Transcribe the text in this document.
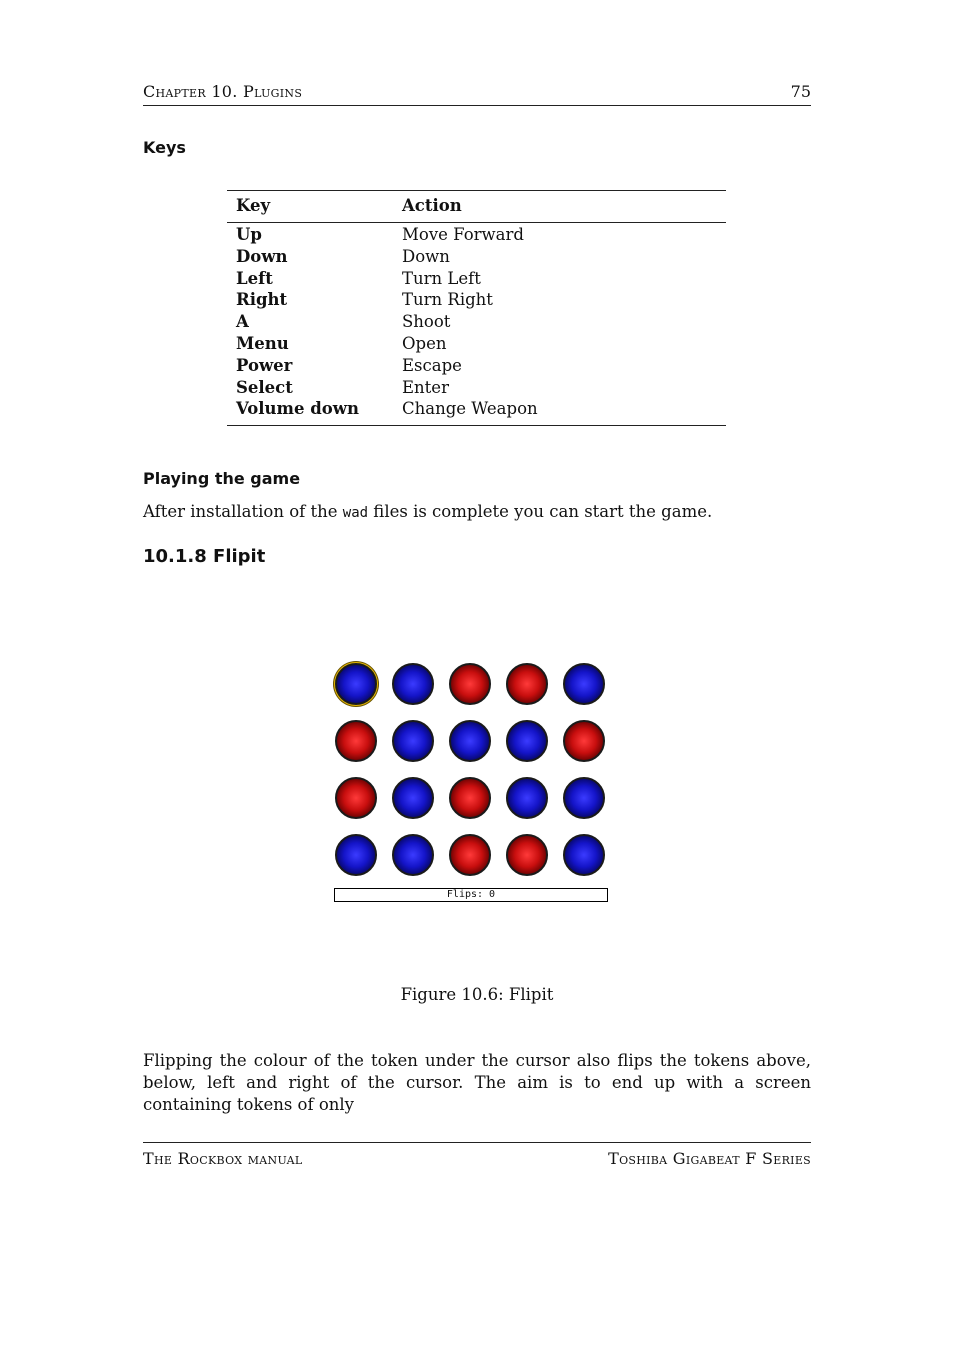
Chapter 10. Plugins	75
Keys
Key	Action
Up	Move Forward
Down	Down
Left	Turn Left
Right	Turn Right
A	Shoot
Menu	Open
Power	Escape
Select	Enter
Volume down	Change Weapon
Playing the game
After installation of the wad files is complete you can start the game.
10.1.8 Flipit
Flips: 0
Figure 10.6: Flipit
Flipping the colour of the token under the cursor also flips the tokens above, below, left and right of the cursor. The aim is to end up with a screen containing tokens of only
The Rockbox manual	Toshiba Gigabeat F Series
